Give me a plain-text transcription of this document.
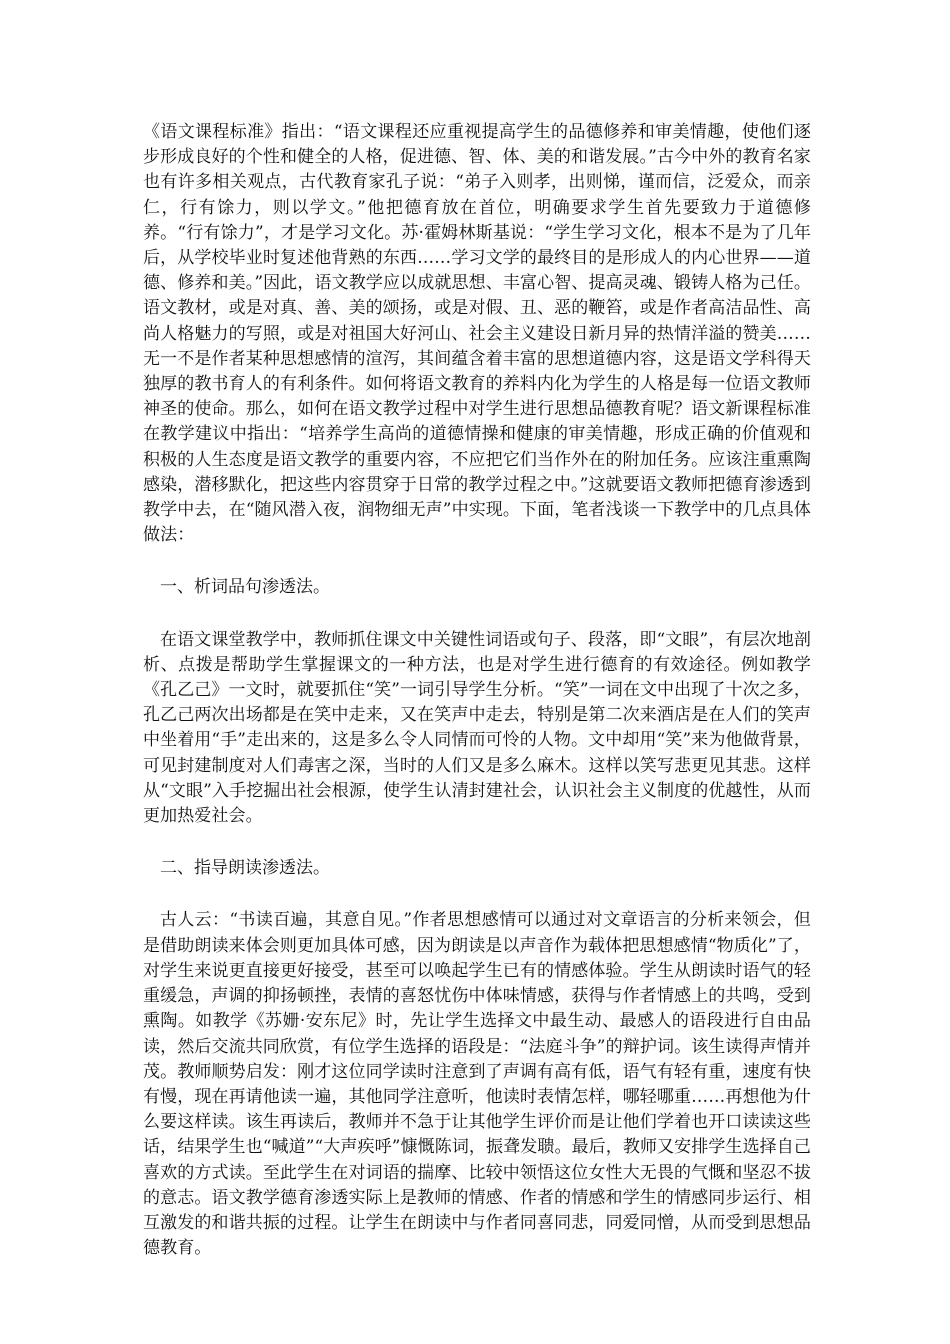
《语文课程标准》指出：“语文课程还应重视提高学生的品德修养和审美情趣，使他们逐步形成良好的个性和健全的人格，促进德、智、体、美的和谐发展。”古今中外的教育名家也有许多相关观点，古代教育家孔子说：“弟子入则孝，出则悌，谨而信，泛爱众，而亲仁，行有馀力，则以学文。”他把德育放在首位，明确要求学生首先要致力于道德修养。“行有馀力”，才是学习文化。苏·霍姆林斯基说：“学生学习文化，根本不是为了几年后，从学校毕业时复述他背熟的东西……学习文学的最终目的是形成人的内心世界——道德、修养和美。”因此，语文教学应以成就思想、丰富心智、提高灵魂、锻铸人格为己任。语文教材，或是对真、善、美的颂扬，或是对假、丑、恶的鞭笞，或是作者高洁品性、高尚人格魅力的写照，或是对祖国大好河山、社会主义建设日新月异的热情洋溢的赞美……无一不是作者某种思想感情的渲泻，其间蕴含着丰富的思想道德内容，这是语文学科得天独厚的教书育人的有利条件。如何将语文教育的养料内化为学生的人格是每一位语文教师神圣的使命。那么，如何在语文教学过程中对学生进行思想品德教育呢？语文新课程标准在教学建议中指出：“培养学生高尚的道德情操和健康的审美情趣，形成正确的价值观和积极的人生态度是语文教学的重要内容，不应把它们当作外在的附加任务。应该注重熏陶感染，潜移默化，把这些内容贯穿于日常的教学过程之中。”这就要语文教师把德育渗透到教学中去，在“随风潜入夜，润物细无声”中实现。下面，笔者浅谈一下教学中的几点具体做法：

一、析词品句渗透法。

在语文课堂教学中，教师抓住课文中关键性词语或句子、段落，即“文眼”，有层次地剖析、点拨是帮助学生掌握课文的一种方法，也是对学生进行德育的有效途径。例如教学《孔乙己》一文时，就要抓住“笑”一词引导学生分析。“笑”一词在文中出现了十次之多，孔乙己两次出场都是在笑中走来，又在笑声中走去，特别是第二次来酒店是在人们的笑声中坐着用“手”走出来的，这是多么令人同情而可怜的人物。文中却用“笑”来为他做背景，可见封建制度对人们毒害之深，当时的人们又是多么麻木。这样以笑写悲更见其悲。这样从“文眼”入手挖掘出社会根源，使学生认清封建社会，认识社会主义制度的优越性，从而更加热爱社会。

二、指导朗读渗透法。

古人云：“书读百遍，其意自见。”作者思想感情可以通过对文章语言的分析来领会，但是借助朗读来体会则更加具体可感，因为朗读是以声音作为载体把思想感情“物质化”了，对学生来说更直接更好接受，甚至可以唤起学生已有的情感体验。学生从朗读时语气的轻重缓急，声调的抑扬顿挫，表情的喜怒忧伤中体味情感，获得与作者情感上的共鸣，受到熏陶。如教学《苏姗·安东尼》时，先让学生选择文中最生动、最感人的语段进行自由品读，然后交流共同欣赏，有位学生选择的语段是：“法庭斗争”的辩护词。该生读得声情并茂。教师顺势启发：刚才这位同学读时注意到了声调有高有低，语气有轻有重，速度有快有慢，现在再请他读一遍，其他同学注意听，他读时表情怎样，哪轻哪重……再想他为什么要这样读。该生再读后，教师并不急于让其他学生评价而是让他们学着也开口读读这些话，结果学生也“喊道”“大声疾呼”慷慨陈词，振聋发聩。最后，教师又安排学生选择自己喜欢的方式读。至此学生在对词语的揣摩、比较中领悟这位女性大无畏的气慨和坚忍不拔的意志。语文教学德育渗透实际上是教师的情感、作者的情感和学生的情感同步运行、相互激发的和谐共振的过程。让学生在朗读中与作者同喜同悲，同爱同憎，从而受到思想品德教育。
